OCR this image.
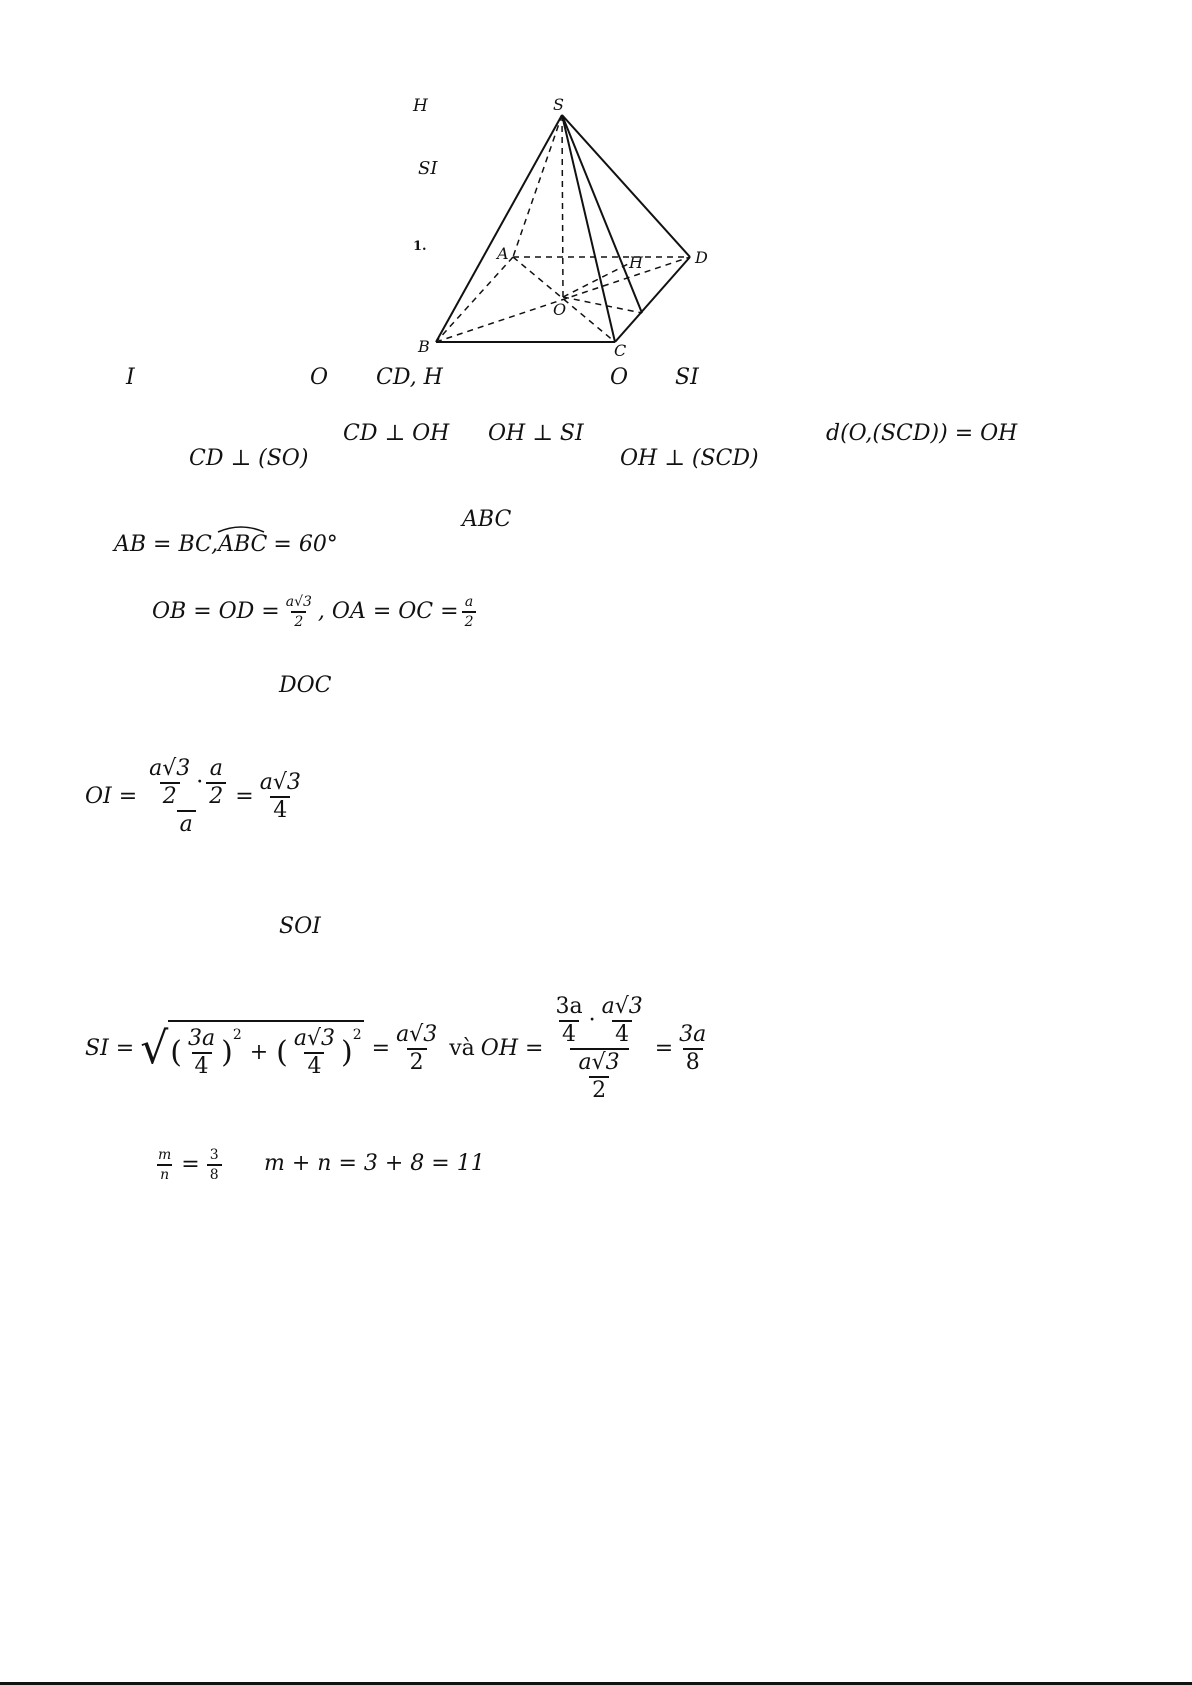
S
A
B	C
D
O
H
H
SI
1.
I	O CD, H	O SI
CD ⊥ OH OH ⊥ SI	d(O,(SCD)) = OH
CD ⊥ (SO)	OH ⊥ (SCD)
ABC
AB = BC,ABC = 60°
OB = OD = $\frac{a√3}{2}$ , OA = OC = $\frac{a}{2}$
DOC
OI = $\frac{\frac{a√3}{2} \cdot \frac{a}{2}}{a} = \frac{a√3}{4}$
SOI
SI = √ ( $\frac{3a}{4} )^2$
+ ( $\frac{a√3}{4} )^2$
= $\frac{a√3}{2}$ và OH = $\frac{\frac{3a}{4} \cdot \frac{a√3}{4}}{\frac{a√3}{2}} = \frac{3a}{8}$
$\frac{m}{n} = \frac{3}{8}$ m + n = 3 + 8 = 11
